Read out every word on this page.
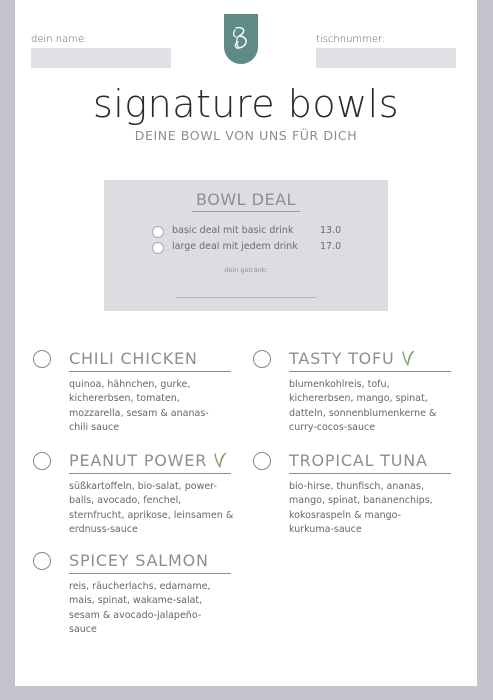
dein name:	tischnummer:
signature bowls
DEINE BOWL VON UNS FÜR DICH
BOWL DEAL
basic deal mit basic drink	13.0
large deal mit jedem drink 17.0
dein getränk:
CHILI CHICKEN
quinoa, hähnchen, gurke,
kichererbsen, tomaten,
mozzarella, sesam & ananas-
chili sauce
TASTY TOFU
blumenkohlreis, tofu,
kichererbsen, mango, spinat,
datteln, sonnenblumenkerne &
curry-cocos-sauce
PEANUT POWER
süßkartoffeln, bio-salat, power-
balls, avocado, fenchel,
sternfrucht, aprikose, leinsamen &
erdnuss-sauce
TROPICAL TUNA
bio-hirse, thunfisch, ananas,
mango, spinat, bananenchips,
kokosraspeln & mango-
kurkuma-sauce
SPICEY SALMON
reis, räucherlachs, edamame,
mais, spinat, wakame-salat,
sesam & avocado-jalapeño-
sauce
